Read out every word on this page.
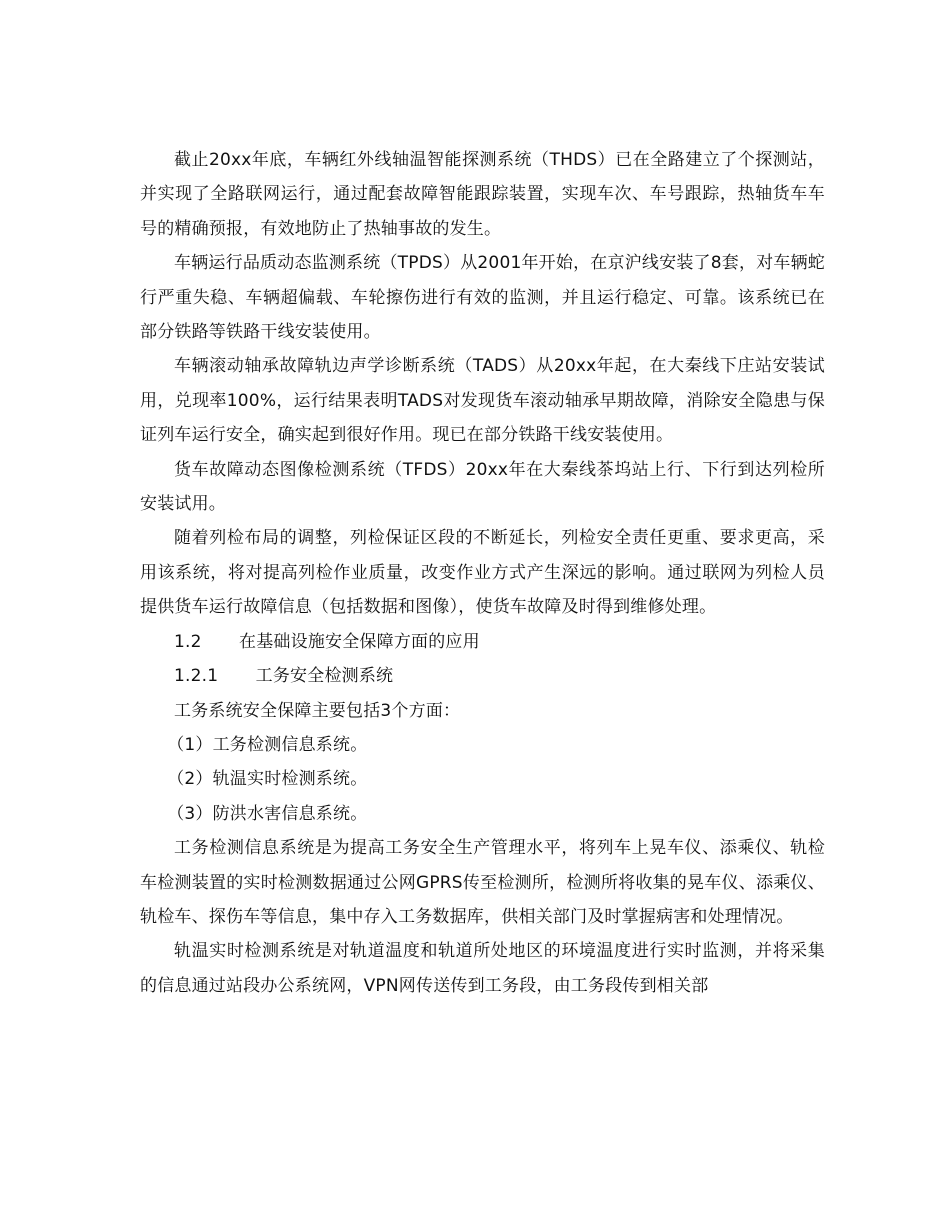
截止20xx年底，车辆红外线轴温智能探测系统（THDS）已在全路建立了个探测站，并实现了全路联网运行，通过配套故障智能跟踪装置，实现车次、车号跟踪，热轴货车车号的精确预报，有效地防止了热轴事故的发生。

车辆运行品质动态监测系统（TPDS）从2001年开始，在京沪线安装了8套，对车辆蛇行严重失稳、车辆超偏载、车轮擦伤进行有效的监测，并且运行稳定、可靠。该系统已在部分铁路等铁路干线安装使用。

车辆滚动轴承故障轨边声学诊断系统（TADS）从20xx年起，在大秦线下庄站安装试用，兑现率100%，运行结果表明TADS对发现货车滚动轴承早期故障，消除安全隐患与保证列车运行安全，确实起到很好作用。现已在部分铁路干线安装使用。

货车故障动态图像检测系统（TFDS）20xx年在大秦线茶坞站上行、下行到达列检所安装试用。

随着列检布局的调整，列检保证区段的不断延长，列检安全责任更重、要求更高，采用该系统，将对提高列检作业质量，改变作业方式产生深远的影响。通过联网为列检人员提供货车运行故障信息（包括数据和图像），使货车故障及时得到维修处理。

1.2 在基础设施安全保障方面的应用

1.2.1 工务安全检测系统

工务系统安全保障主要包括3个方面：

（1）工务检测信息系统。

（2）轨温实时检测系统。

（3）防洪水害信息系统。

工务检测信息系统是为提高工务安全生产管理水平，将列车上晃车仪、添乘仪、轨检车检测装置的实时检测数据通过公网GPRS传至检测所，检测所将收集的晃车仪、添乘仪、轨检车、探伤车等信息，集中存入工务数据库，供相关部门及时掌握病害和处理情况。

轨温实时检测系统是对轨道温度和轨道所处地区的环境温度进行实时监测，并将采集的信息通过站段办公系统网，VPN网传送传到工务段，由工务段传到相关部
